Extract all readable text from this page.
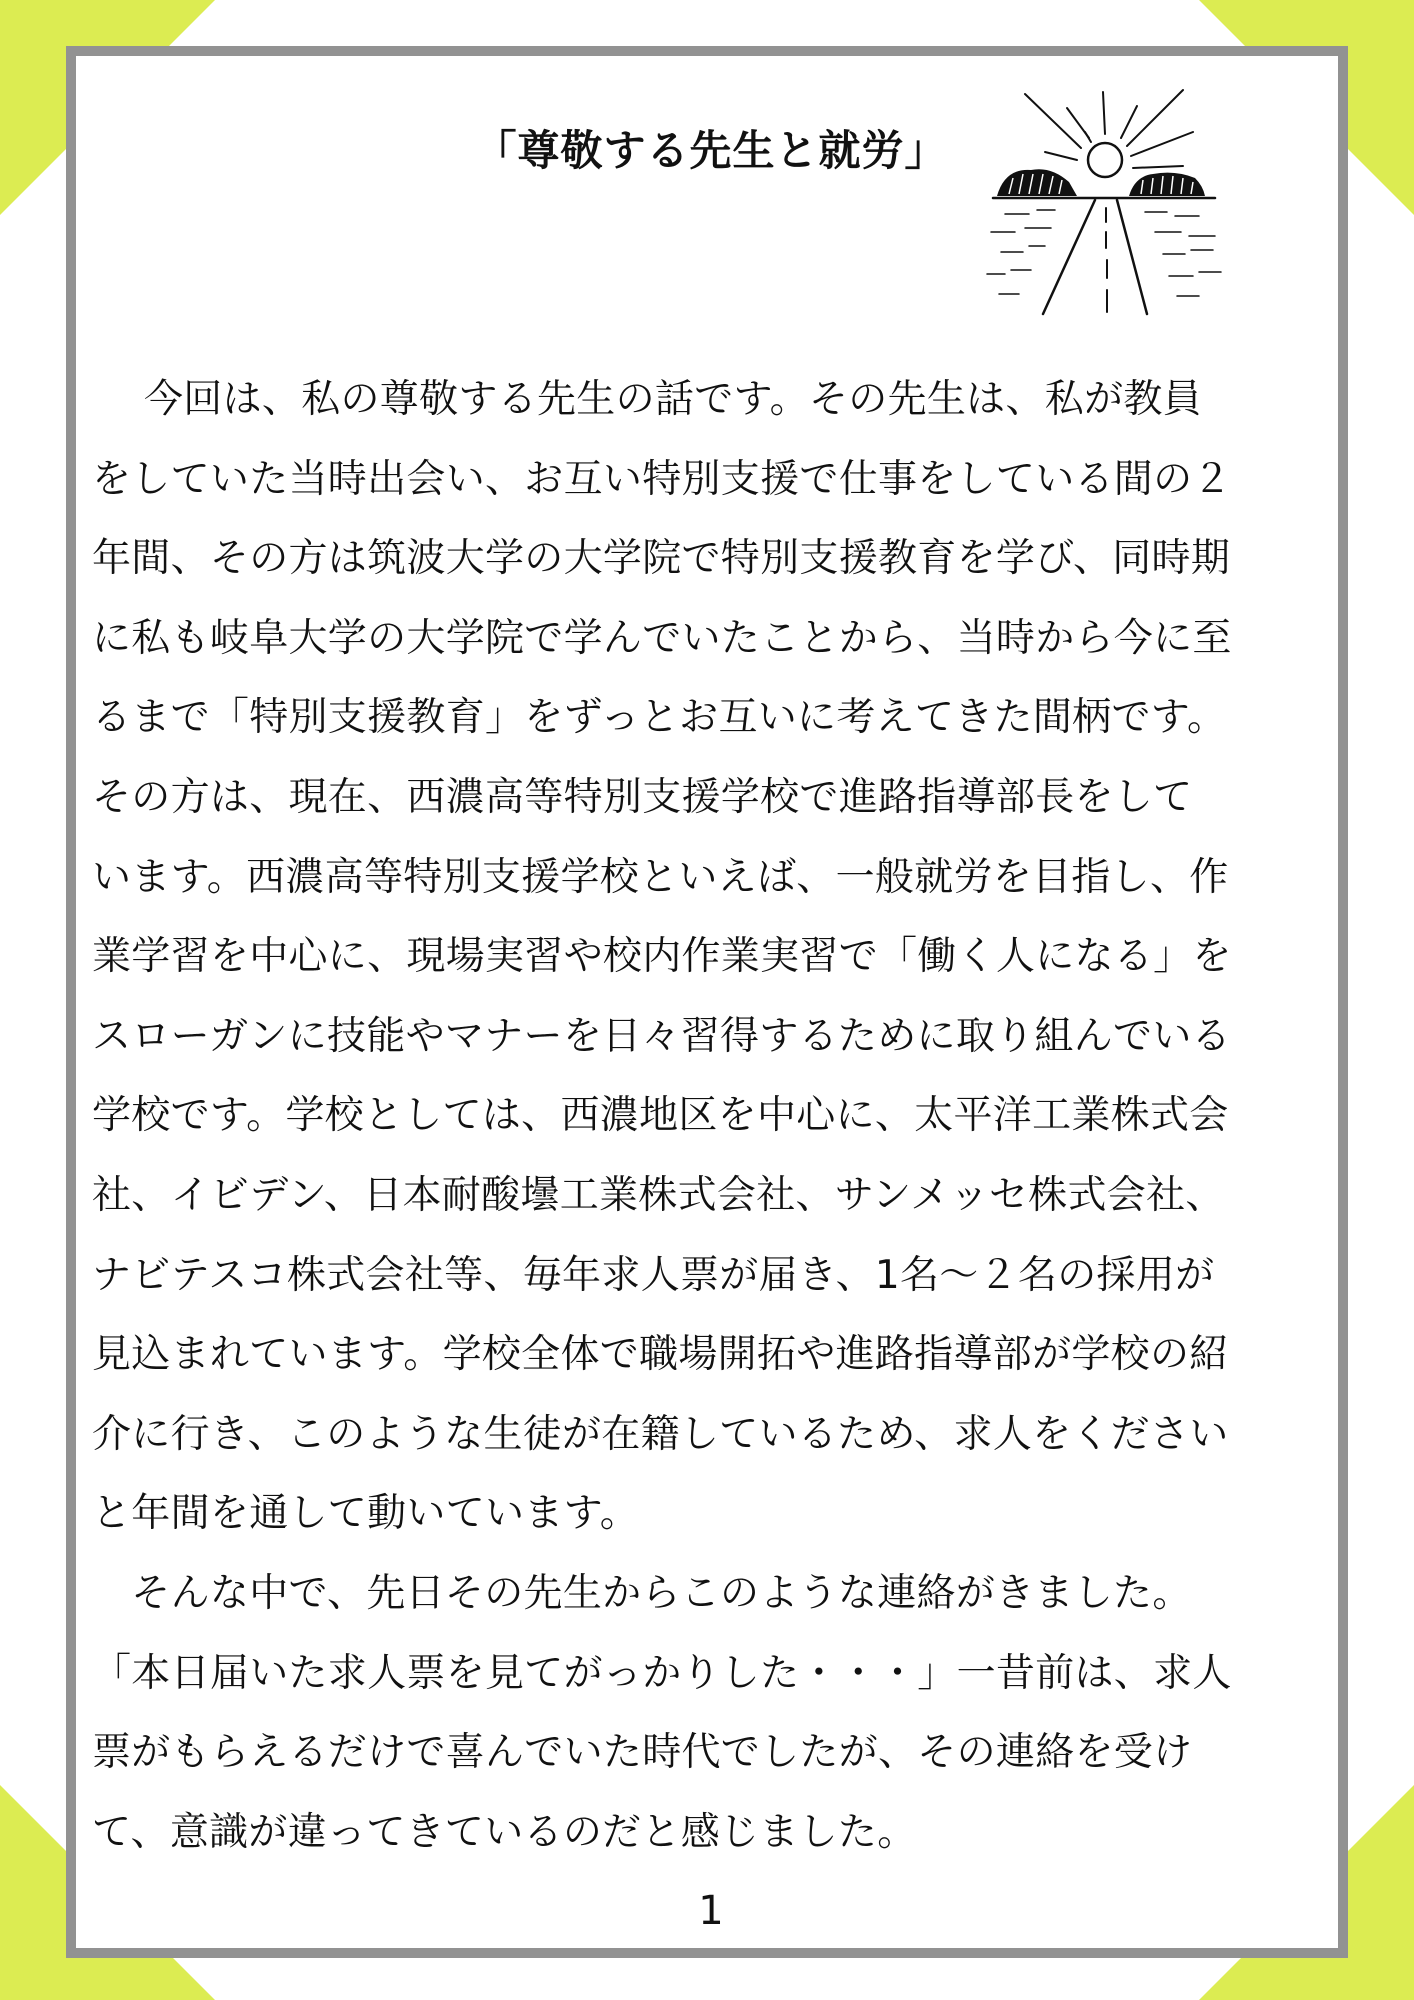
「尊敬する先生と就労」
　 今回は、私の尊敬する先生の話です。その先生は、私が教員
をしていた当時出会い、お互い特別支援で仕事をしている間の２
年間、その方は筑波大学の大学院で特別支援教育を学び、同時期
に私も岐阜大学の大学院で学んでいたことから、当時から今に至
るまで「特別支援教育」をずっとお互いに考えてきた間柄です。
その方は、現在、西濃高等特別支援学校で進路指導部長をして
います。西濃高等特別支援学校といえば、一般就労を目指し、作
業学習を中心に、現場実習や校内作業実習で「働く人になる」を
スローガンに技能やマナーを日々習得するために取り組んでいる
学校です。学校としては、西濃地区を中心に、太平洋工業株式会
社、イビデン、日本耐酸壜工業株式会社、サンメッセ株式会社、
ナビテスコ株式会社等、毎年求人票が届き、1名～２名の採用が
見込まれています。学校全体で職場開拓や進路指導部が学校の紹
介に行き、このような生徒が在籍しているため、求人をください
と年間を通して動いています。
　そんな中で、先日その先生からこのような連絡がきました。
「本日届いた求人票を見てがっかりした・・・」一昔前は、求人
票がもらえるだけで喜んでいた時代でしたが、その連絡を受け
て、意識が違ってきているのだと感じました。
1
